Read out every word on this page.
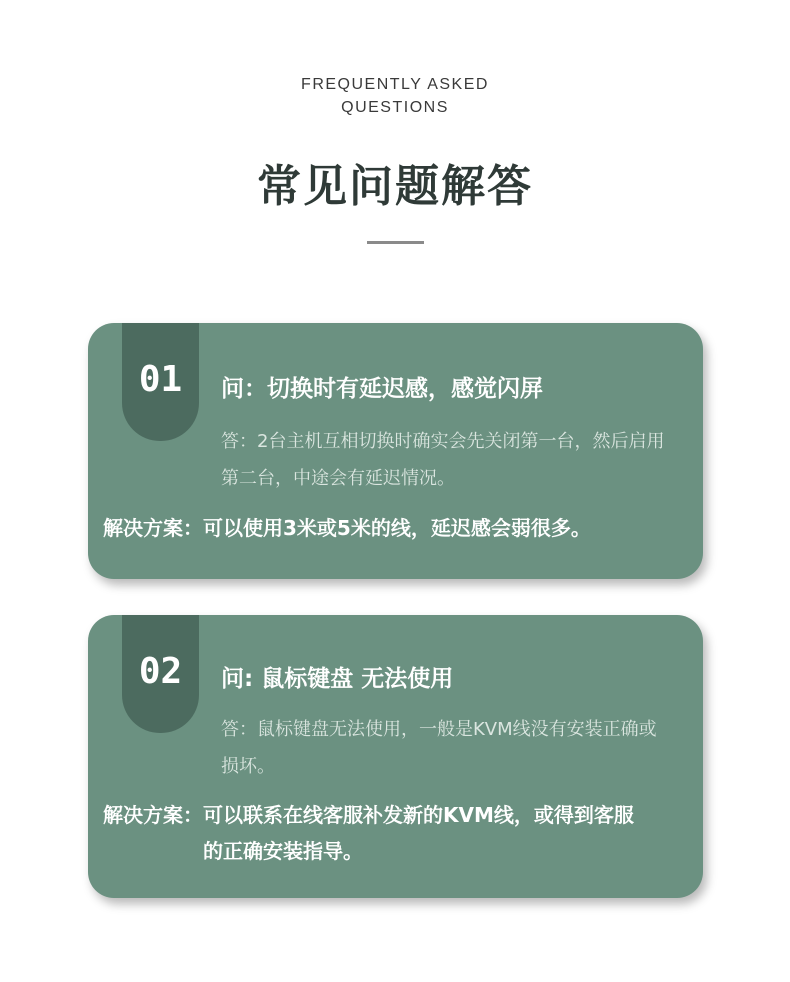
FREQUENTLY ASKED
QUESTIONS
常见问题解答
01	问：切换时有延迟感，感觉闪屏
答：2台主机互相切换时确实会先关闭第一台，然后启用第二台，中途会有延迟情况。
解决方案： 可以使用3米或5米的线，延迟感会弱很多。
02	问: 鼠标键盘 无法使用
答：鼠标键盘无法使用，一般是KVM线没有安装正确或损坏。
解决方案： 可以联系在线客服补发新的KVM线，或得到客服的正确安装指导。
